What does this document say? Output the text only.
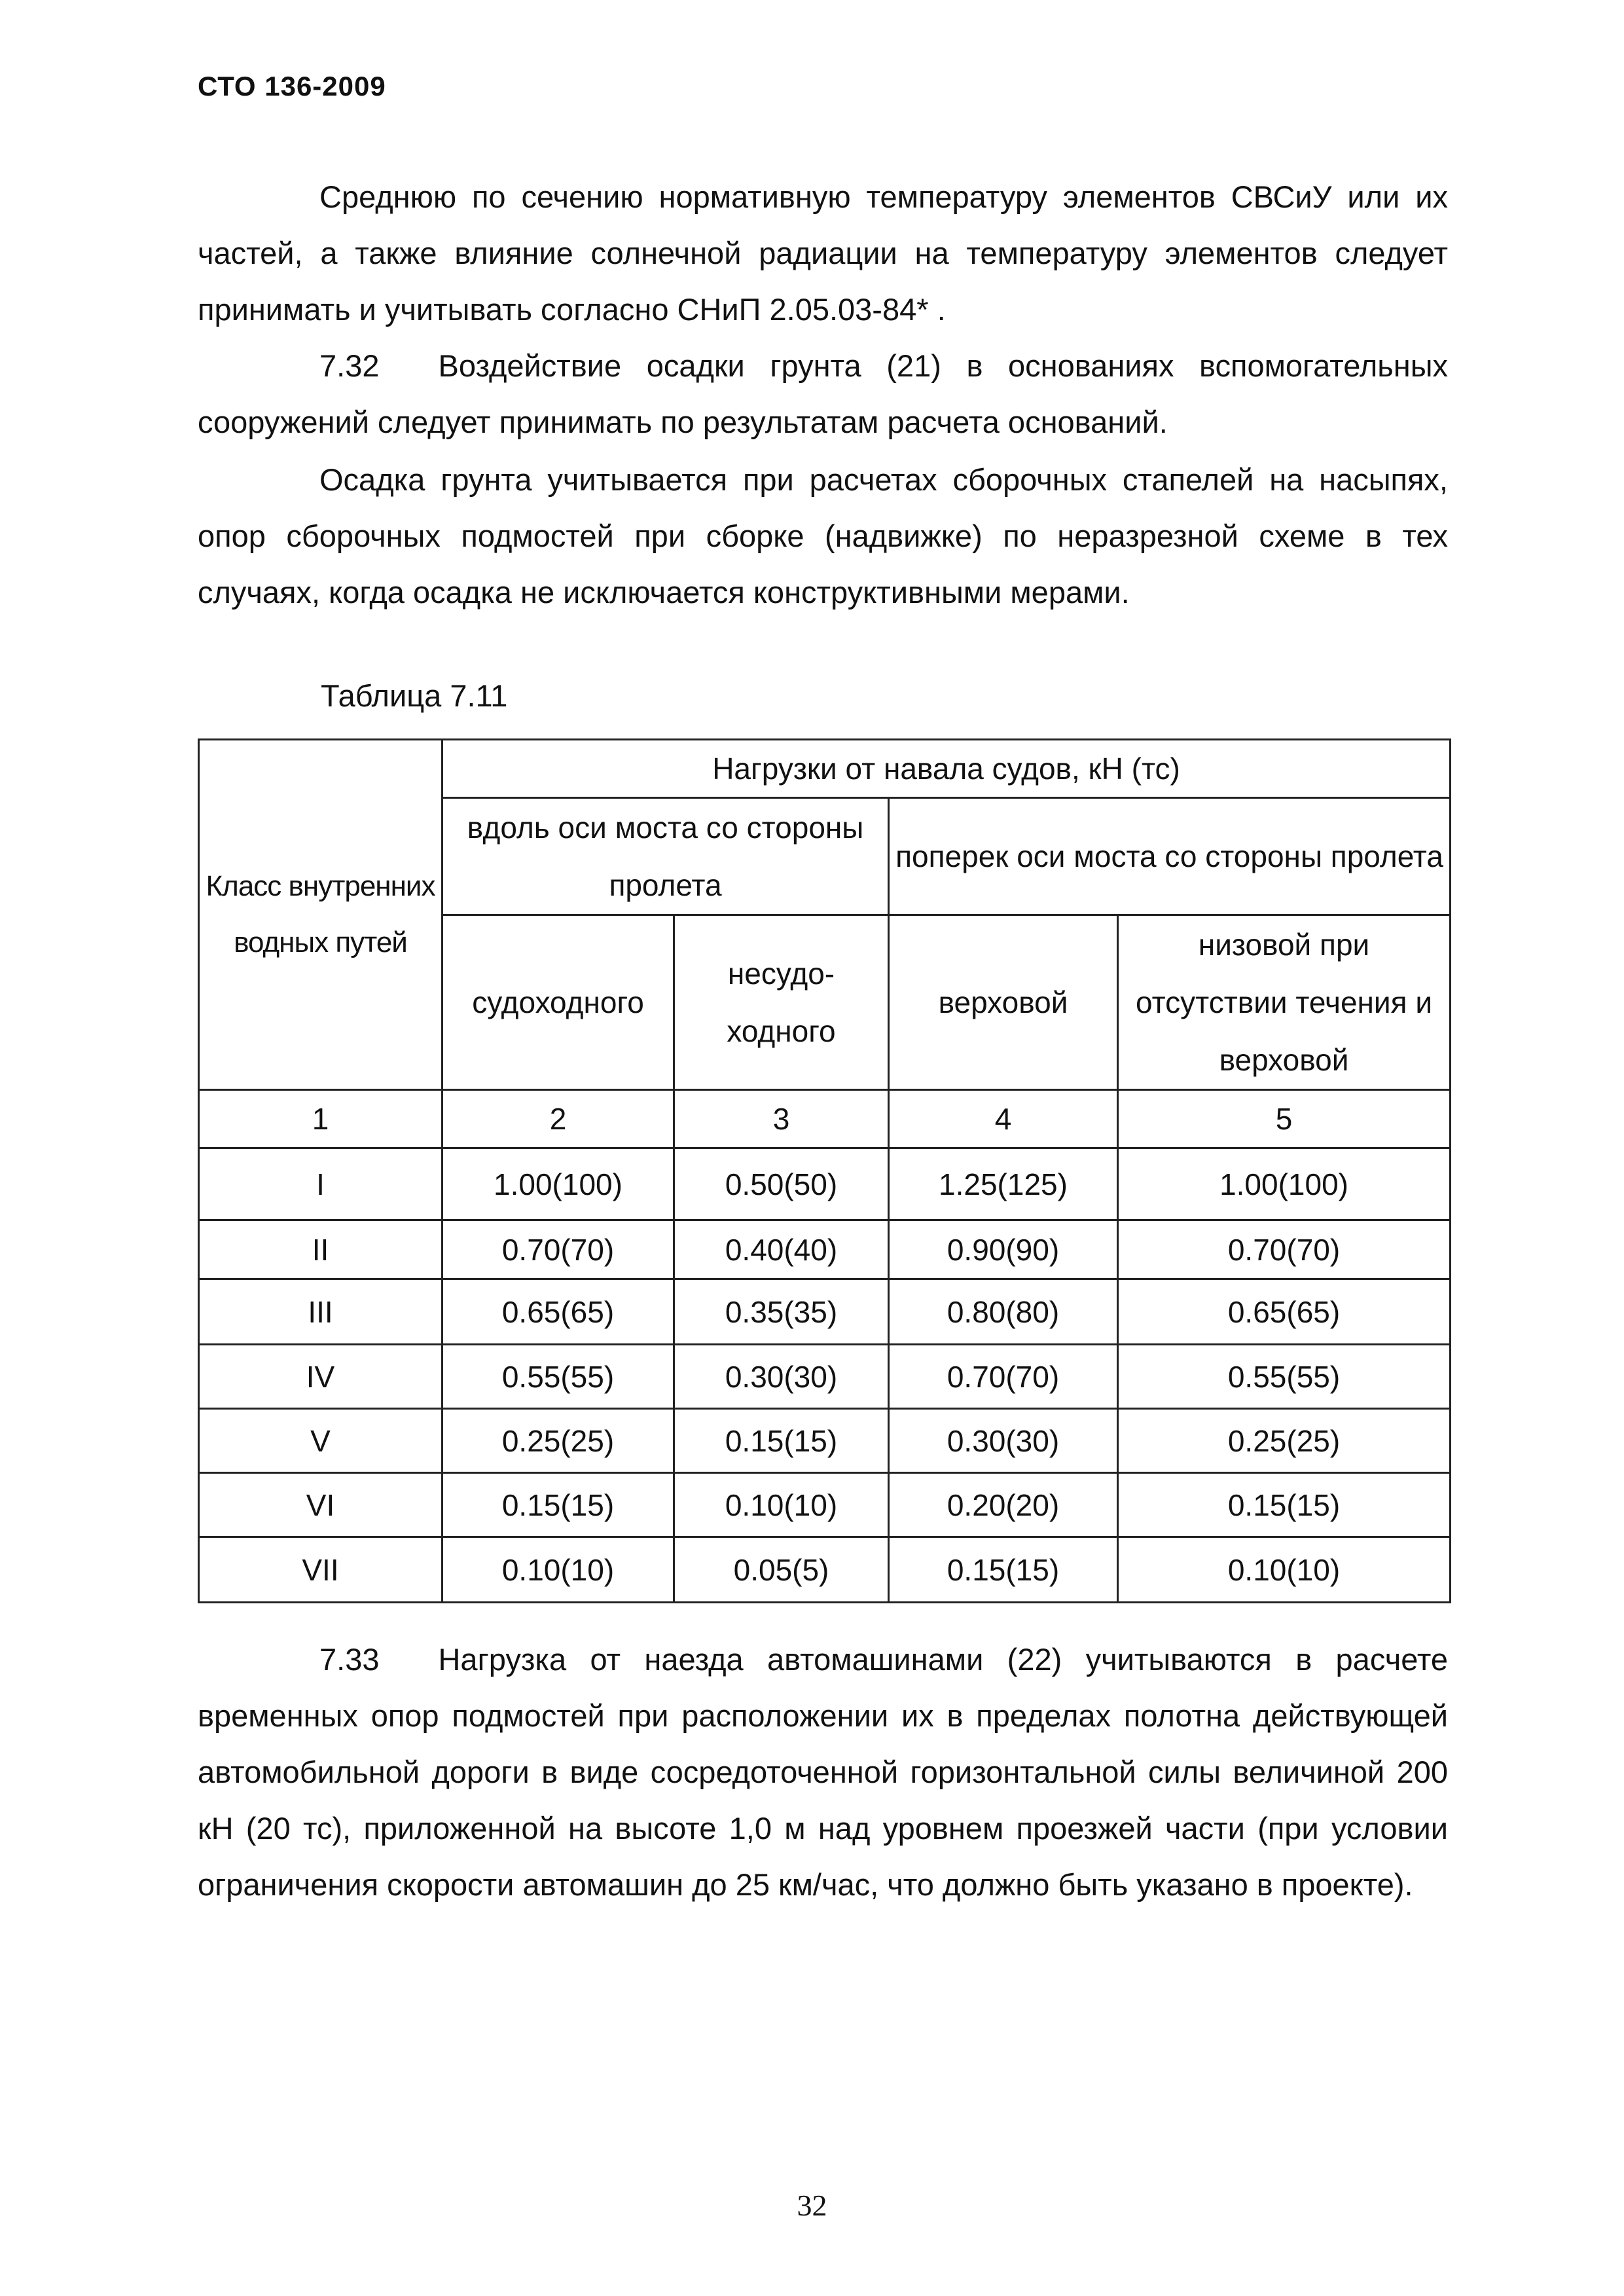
СТО 136-2009

Среднюю по сечению нормативную температуру элементов СВСиУ или их частей, а также влияние солнечной радиации на температуру элементов следует принимать и учитывать согласно СНиП 2.05.03-84* .

7.32 Воздействие осадки грунта (21) в основаниях вспомогательных сооружений следует принимать по результатам расчета оснований.

Осадка грунта учитывается при расчетах сборочных стапелей на насыпях, опор сборочных подмостей при сборке (надвижке) по неразрезной схеме в тех случаях, когда осадка не исключается конструктивными мерами.

Таблица 7.11
Класс внутренних водных путей	Нагрузки от навала судов, кН (тс)			
	вдоль оси моста со стороны пролета		поперек оси моста со стороны пролета	
	судоходного	несудо-ходного	верховой	низовой при отсутствии течения и верховой
1	2	3	4	5
I	1.00(100)	0.50(50)	1.25(125)	1.00(100)
II	0.70(70)	0.40(40)	0.90(90)	0.70(70)
III	0.65(65)	0.35(35)	0.80(80)	0.65(65)
IV	0.55(55)	0.30(30)	0.70(70)	0.55(55)
V	0.25(25)	0.15(15)	0.30(30)	0.25(25)
VI	0.15(15)	0.10(10)	0.20(20)	0.15(15)
VII	0.10(10)	0.05(5)	0.15(15)	0.10(10)

7.33 Нагрузка от наезда автомашинами (22) учитываются в расчете временных опор подмостей при расположении их в пределах полотна действующей автомобильной дороги в виде сосредоточенной горизонтальной силы величиной 200 кН (20 тс), приложенной на высоте 1,0 м над уровнем проезжей части (при условии ограничения скорости автомашин до 25 км/час, что должно быть указано в проекте).

32
